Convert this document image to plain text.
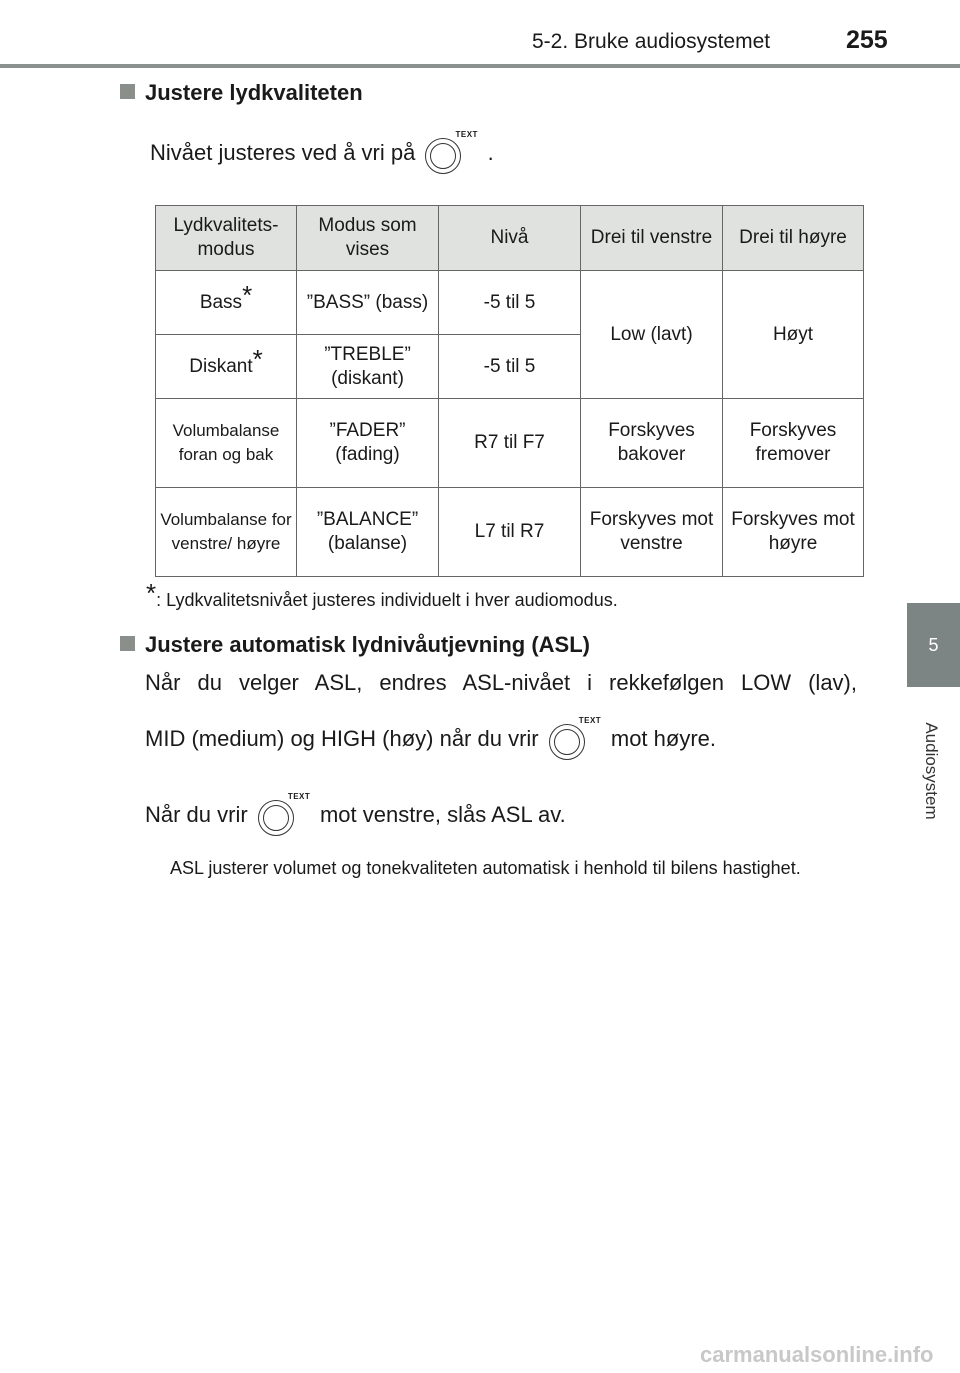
5-2. Bruke audiosystemet	255
5
Audiosystem
Justere lydkvaliteten
Nivået justeres ved å vri på
TEXT
.
Lydkvalitets-modus	Modus som vises	Nivå	Drei til venstre	Drei til høyre
Bass*	”BASS” (bass)	-5 til 5	Low (lavt)	Høyt
Diskant*	”TREBLE” (diskant)	-5 til 5		
Volumbalanse foran og bak	”FADER” (fading)	R7 til F7	Forskyves bakover	Forskyves fremover
Volumbalanse for venstre/ høyre	”BALANCE” (balanse)	L7 til R7	Forskyves mot venstre	Forskyves mot høyre
*: Lydkvalitetsnivået justeres individuelt i hver audiomodus.
Justere automatisk lydnivåutjevning (ASL)
Når du velger ASL, endres ASL-nivået i rekkefølgen LOW (lav),
MID (medium) og HIGH (høy) når du vrir
TEXT
mot høyre.
Når du vrir
TEXT
mot venstre, slås ASL av.
ASL justerer volumet og tonekvaliteten automatisk i henhold til bilens hastighet.
carmanualsonline.info
